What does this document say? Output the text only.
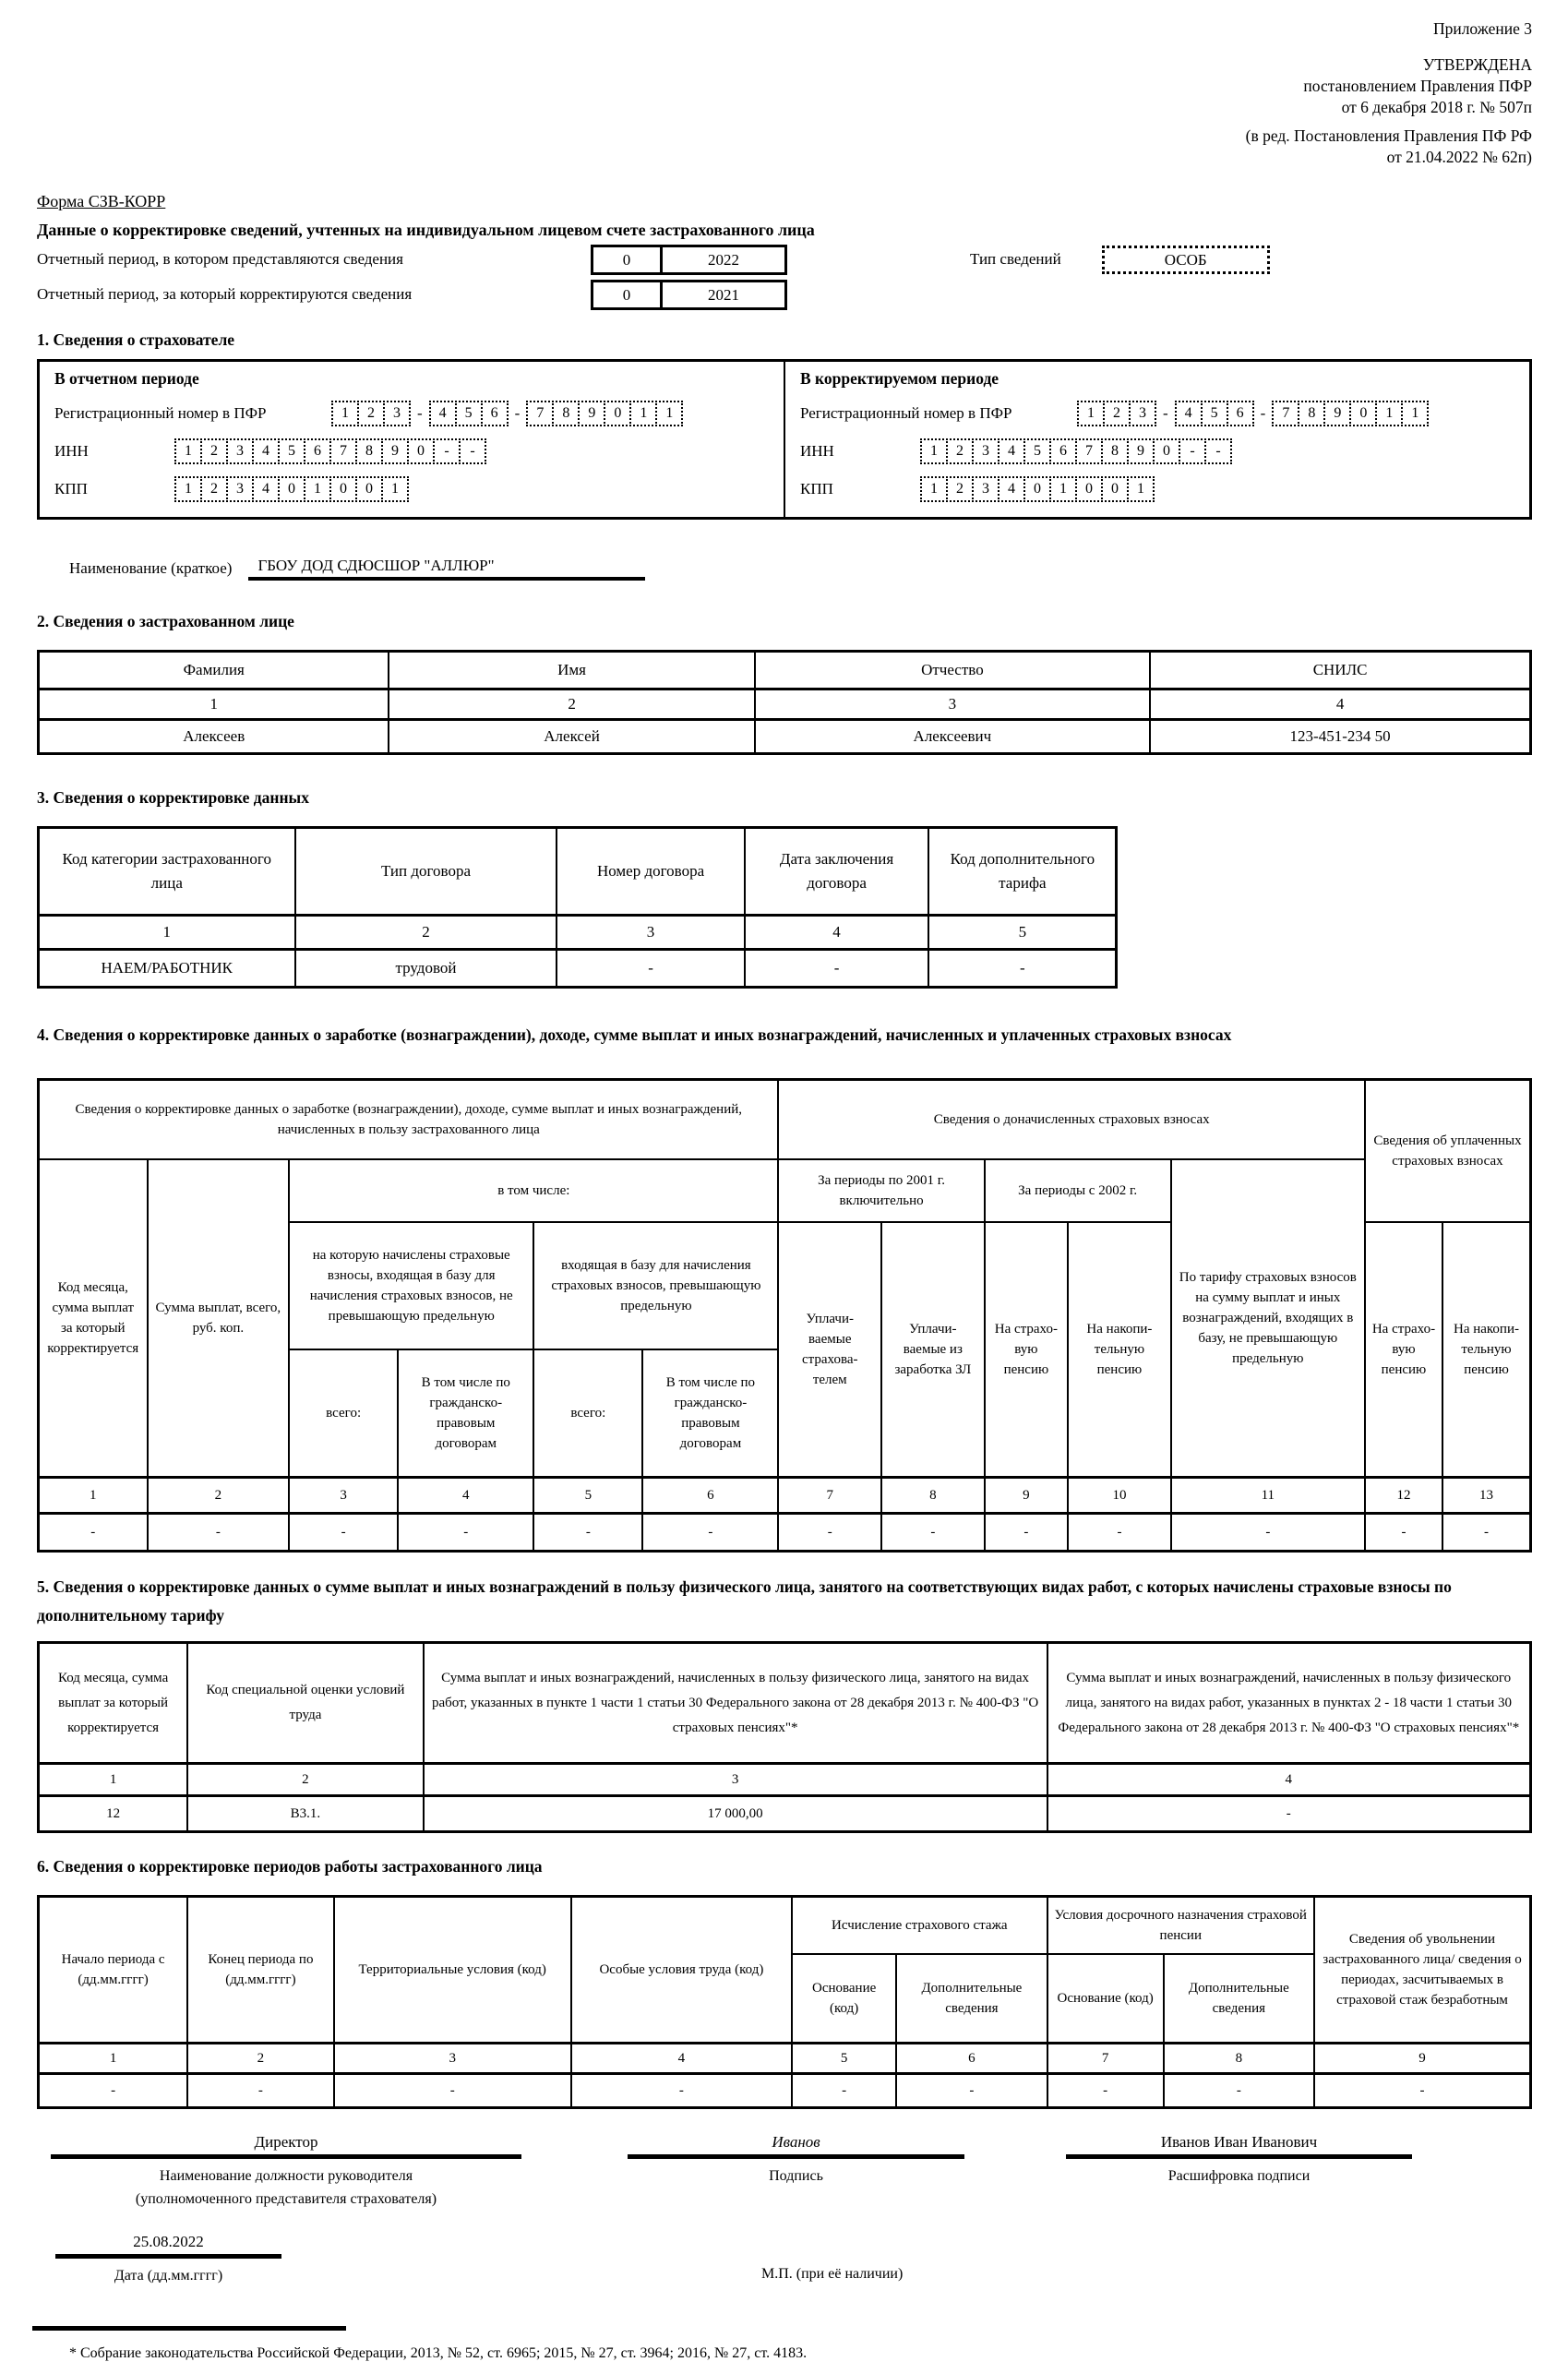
Приложение 3
УТВЕРЖДЕНА
постановлением Правления ПФР
от 6 декабря 2018 г. № 507п
(в ред. Постановления Правления ПФ РФ
от 21.04.2022 № 62п)
Форма СЗВ-КОРР
Данные о корректировке сведений, учтенных на индивидуальном лицевом счете застрахованного лица
Отчетный период, в котором представляются сведения	0	2022	Тип сведений	ОСОБ
Отчетный период, за который корректируются сведения	0	2021
1. Сведения о страхователе
В отчетном периоде
Регистрационный номер в ПФР	1	2	3	-	4	5	6	-	7	8	9	0	1	1
ИНН	1	2	3	4	5	6	7	8	9	0	-	-
КПП	1	2	3	4	0	1	0	0	1
В корректируемом периоде
Регистрационный номер в ПФР	1	2	3	-	4	5	6	-	7	8	9	0	1	1
ИНН	1	2	3	4	5	6	7	8	9	0	-	-
КПП	1	2	3	4	0	1	0	0	1
Наименование (краткое)	ГБОУ ДОД СДЮСШОР "АЛЛЮР"
2. Сведения о застрахованном лице
Фамилия	Имя	Отчество	СНИЛС
1	2	3	4
Алексеев	Алексей	Алексеевич	123-451-234 50
3. Сведения о корректировке данных
Код категории застрахованного лица	Тип договора	Номер договора	Дата заключения договора	Код дополнительного тарифа
1	2	3	4	5
НАЕМ/РАБОТНИК	трудовой	-	-	-
4. Сведения о корректировке данных о заработке (вознаграждении), доходе, сумме выплат и иных вознаграждений, начисленных и уплаченных страховых взносах
Сведения о корректировке данных о заработке (вознаграждении), доходе, сумме выплат и иных вознаграждений, начисленных в пользу застрахованного лица						Сведения о доначисленных страховых взносах					Сведения об уплаченных страховых взносах	
Код месяца, сумма выплат за который корректируется	Сумма выплат, всего, руб. коп.	в том числе:				За периоды по 2001 г. включительно		За периоды с 2002 г.		По тарифу страховых взносов на сумму выплат и иных вознаграждений, входящих в базу, не превышающую предельную		
		на которую начислены страховые взносы, входящая в базу для начисления страховых взносов, не превышающую предельную		входящая в базу для начисления страховых взносов, превышающую предельную		Уплачи- ваемые страхова- телем	Уплачи- ваемые из заработка ЗЛ	На страхо- вую пенсию	На накопи- тельную пенсию		На страхо- вую пенсию	На накопи- тельную пенсию
		всего:	В том числе по гражданско-правовым договорам	всего:	В том числе по гражданско-правовым договорам							
1	2	3	4	5	6	7	8	9	10	11	12	13
-	-	-	-	-	-	-	-	-	-	-	-	-
5. Сведения о корректировке данных о сумме выплат и иных вознаграждений в пользу физического лица, занятого на соответствующих видах работ, с которых начислены страховые взносы по дополнительному тарифу
Код месяца, сумма выплат за который корректируется	Код специальной оценки условий труда	Сумма выплат и иных вознаграждений, начисленных в пользу физического лица, занятого на видах работ, указанных в пункте 1 части 1 статьи 30 Федерального закона от 28 декабря 2013 г. № 400-ФЗ "О страховых пенсиях"*	Сумма выплат и иных вознаграждений, начисленных в пользу физического лица, занятого на видах работ, указанных в пунктах 2 - 18 части 1 статьи 30 Федерального закона от 28 декабря 2013 г. № 400-ФЗ "О страховых пенсиях"*
1	2	3	4
12	В3.1.	17 000,00	-
6. Сведения о корректировке периодов работы застрахованного лица
Начало периода с (дд.мм.гггг)	Конец периода по (дд.мм.гггг)	Территориальные условия (код)	Особые условия труда (код)	Исчисление страхового стажа		Условия досрочного назначения страховой пенсии		Сведения об увольнении застрахованного лица/ сведения о периодах, засчитываемых в страховой стаж безработным
				Основание (код)	Дополнительные сведения	Основание (код)	Дополнительные сведения	
1	2	3	4	5	6	7	8	9
-	-	-	-	-	-	-	-	-
Директор
Наименование должности руководителя
(уполномоченного представителя страхователя)
Иванов
Подпись
Иванов Иван Иванович
Расшифровка подписи
25.08.2022
Дата (дд.мм.гггг)	М.П. (при её наличии)
* Собрание законодательства Российской Федерации, 2013, № 52, ст. 6965; 2015, № 27, ст. 3964; 2016, № 27, ст. 4183.
